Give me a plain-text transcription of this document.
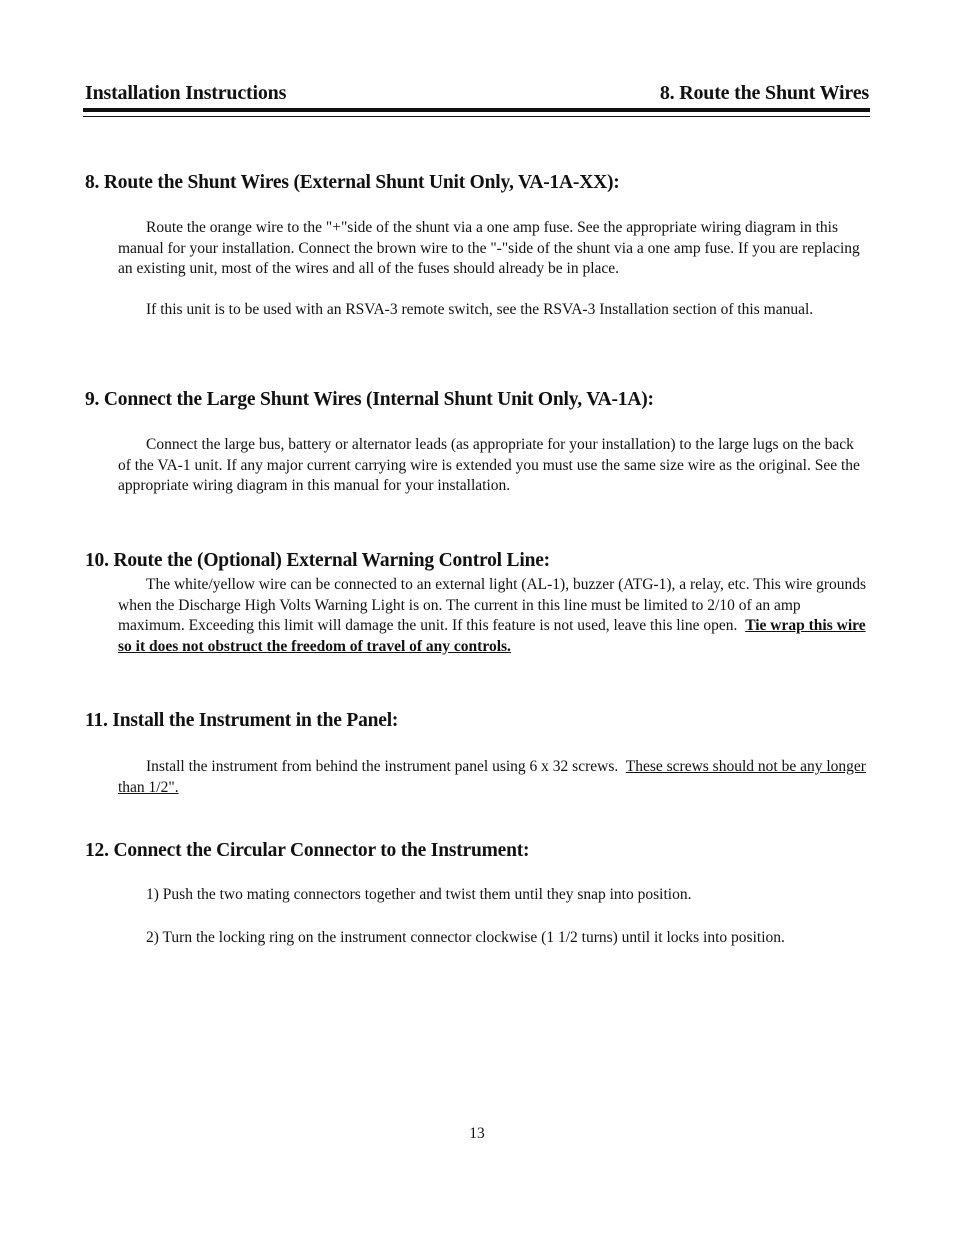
Installation Instructions	8. Route the Shunt Wires
8. Route the Shunt Wires (External Shunt Unit Only, VA-1A-XX):
Route the orange wire to the "+"side of the shunt via a one amp fuse. See the appropriate wiring diagram in this manual for your installation. Connect the brown wire to the "-"side of the shunt via a one amp fuse. If you are replacing an existing unit, most of the wires and all of the fuses should already be in place.
If this unit is to be used with an RSVA-3 remote switch, see the RSVA-3 Installation section of this manual.
9. Connect the Large Shunt Wires (Internal Shunt Unit Only, VA-1A):
Connect the large bus, battery or alternator leads (as appropriate for your installation) to the large lugs on the back of the VA-1 unit. If any major current carrying wire is extended you must use the same size wire as the original. See the appropriate wiring diagram in this manual for your installation.
10. Route the (Optional) External Warning Control Line:
The white/yellow wire can be connected to an external light (AL-1), buzzer (ATG-1), a relay, etc. This wire grounds when the Discharge High Volts Warning Light is on. The current in this line must be limited to 2/10 of an amp maximum. Exceeding this limit will damage the unit. If this feature is not used, leave this line open. Tie wrap this wire so it does not obstruct the freedom of travel of any controls.
11. Install the Instrument in the Panel:
Install the instrument from behind the instrument panel using 6 x 32 screws. These screws should not be any longer than 1/2".
12. Connect the Circular Connector to the Instrument:
1) Push the two mating connectors together and twist them until they snap into position.
2) Turn the locking ring on the instrument connector clockwise (1 1/2 turns) until it locks into position.
13
